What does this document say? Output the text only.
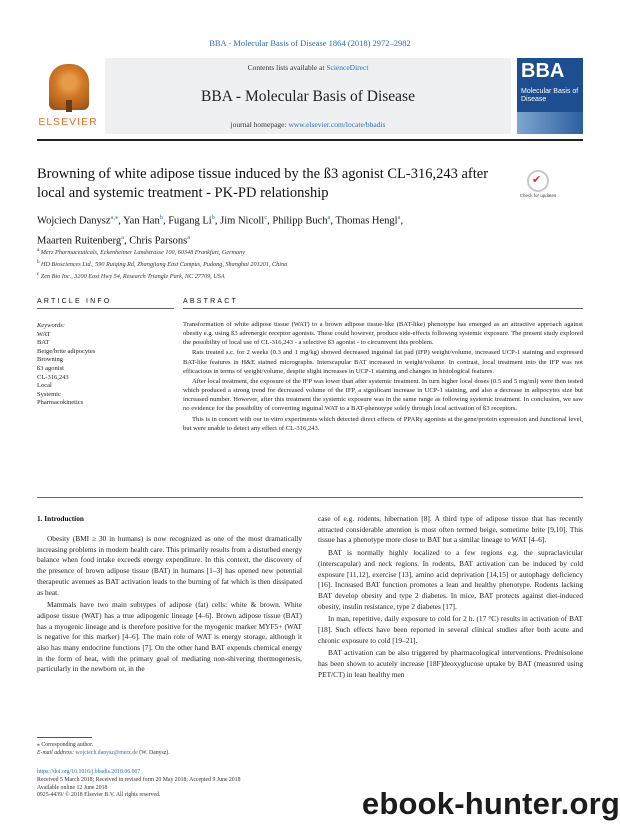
BBA - Molecular Basis of Disease 1864 (2018) 2972–2982
ELSEVIER
Contents lists available at ScienceDirect
BBA - Molecular Basis of Disease
journal homepage: www.elsevier.com/locate/bbadis
BBA
Molecular Basis of Disease
Browning of white adipose tissue induced by the ß3 agonist CL-316,243 after local and systemic treatment - PK-PD relationship
✔
Check for updates
Wojciech Danysz$^{a,⁎}$, Yan Han$^b$, Fugang Li$^b$, Jim Nicoll$^c$, Philipp Buch$^a$, Thomas Hengl$^a$,
Maarten Ruitenberg$^a$, Chris Parsons$^a$
$^a$ Merz Pharmaceuticals, Eckenheimer Landstrasse 100, 60348 Frankfurt, Germany
$^b$ HD Biosciences Ltd., 590 Ruiqing Rd, Zhangjiang East Campus, Pudong, Shanghai 201201, China
$^c$ Zen Bio Inc., 3200 East Hwy 54, Research Triangle Park, NC 27709, USA
ARTICLE INFO	ABSTRACT
Keywords:
WAT
BAT
Beige/brite adipocytes
Browning
ß3 agonist
CL-316,243
Local
Systemic
Pharmacokinetics

Transformation of white adipose tissue (WAT) to a brown adipose tissue-like (BAT-like) phenotype has emerged as an attractive approach against obesity e.g. using ß3 adrenergic receptor agonists. These could however, produce side-effects following systemic exposure. The present study explored the possibility of local use of CL-316,243 - a selective ß3 agonist - to circumvent this problem.

Rats treated s.c. for 2 weeks (0.3 and 1 mg/kg) showed decreased inguinal fat pad (IFP) weight/volume, increased UCP-1 staining and expressed BAT-like features in H&E stained micrographs. Interscapular BAT increased in weight/volume. In contrast, local treatment into the IFP was not efficacious in terms of weight/volume, despite slight increases in UCP-1 staining and changes in histological features.

After local treatment, the exposure of the IFP was lower than after systemic treatment. In turn higher local doses (0.5 and 5 mg/ml) were then tested which produced a strong trend for decreased volume of the IFP, a significant increase in UCP-1 staining, and also a decrease in adipocytes size but increased number. However, after this treatment the systemic exposure was in the same range as following systemic treatment. In conclusion, we saw no evidence for the possibility of converting inguinal WAT to a BAT-phenotype solely through local activation of ß3 receptors.

This is in concert with our in vitro experiments which detected direct effects of PPARγ agonists at the gene/protein expression and functional level, but were unable to detect any effect of CL-316,243.

1. Introduction

Obesity (BMI ≥ 30 in humans) is now recognized as one of the most dramatically increasing problems in modern health care. This primarily results from a disturbed energy balance when food intake exceeds energy expenditure. In this context, the discovery of the presence of brown adipose tissue (BAT) in humans [1–3] has opened new potential therapeutic avenues as BAT activation leads to the burning of fat which is then dissipated as heat.

Mammals have two main subtypes of adipose (fat) cells: white & brown. White adipose tissue (WAT) has a true adipogenic lineage [4–6]. Brown adipose tissue (BAT) has a myogenic lineage and is therefore positive for the myogenic marker MYF5+ (WAT is negative for this marker) [4–6]. The main role of WAT is energy storage, although it also has many endocrine functions [7]. On the other hand BAT expends chemical energy in the form of heat, with the primary goal of mediating non-shivering thermogenesis, particularly in the newborn or, in the

case of e.g. rodents, hibernation [8]. A third type of adipose tissue that has recently attracted considerable attention is most often termed beige, sometime brite [9,10]. This tissue has a phenotype more close to BAT but a similar lineage to WAT [4–6].

BAT is normally highly localized to a few regions e.g. the supraclavicular (interscapular) and neck regions. In rodents, BAT activation can be induced by cold exposure [11,12], exercise [13], amino acid deprivation [14,15] or autophagy deficiency [16]. Increased BAT function promotes a lean and healthy phenotype. Rodents lacking BAT develop obesity and type 2 diabetes. In mice, BAT protects against diet-induced obesity, insulin resistance, type 2 diabetes [17].

In man, repetitive, daily exposure to cold for 2 h. (17 °C) results in activation of BAT [18]. Such effects have been reported in several clinical studies after both acute and chronic exposure to cold [19–21].

BAT activation can be also triggered by pharmacological interventions. Prednisolone has been shown to acutely increase [18F]deoxyglucose uptake by BAT (measured using PET/CT) in lean healthy men

⁎ Corresponding author.
E-mail address: wojciech.danysz@merz.de (W. Danysz).
https://doi.org/10.1016/j.bbadis.2018.06.007
Received 5 March 2018; Received in revised form 20 May 2018; Accepted 9 June 2018
Available online 12 June 2018
0925-4439/ © 2018 Elsevier B.V. All rights reserved.	ebook-hunter.org
